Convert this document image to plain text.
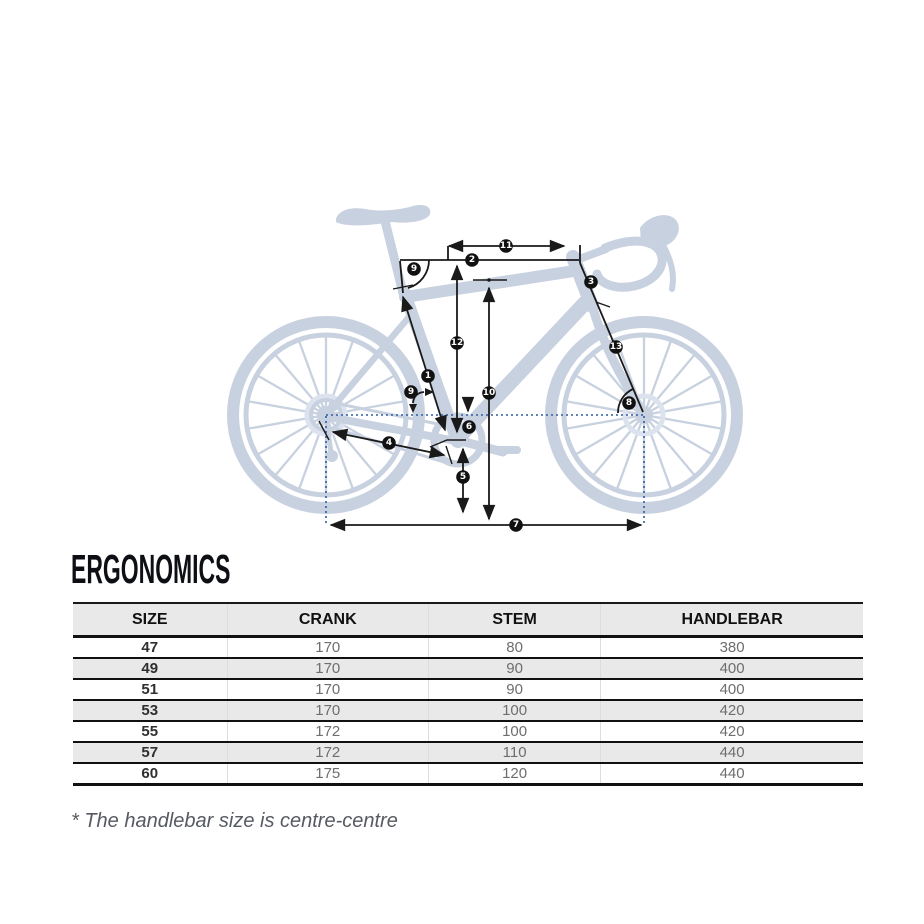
1
2
3
4
5
6
7
8
9
9	10
11
12	13
ERGONOMICS
SIZE	CRANK	STEM	HANDLEBAR
47	170	80	380
49	170	90	400
51	170	90	400
53	170	100	420
55	172	100	420
57	172	110	440
60	175	120	440

* The handlebar size is centre-centre
